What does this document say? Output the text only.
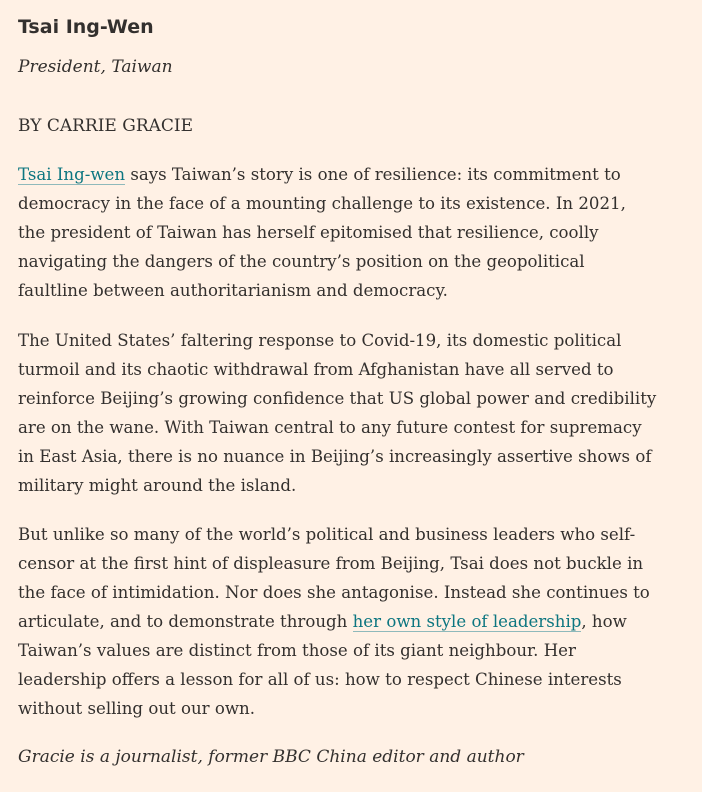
Tsai Ing-Wen

President, Taiwan

BY CARRIE GRACIE

Tsai Ing-wen says Taiwan’s story is one of resilience: its commitment to democracy in the face of a mounting challenge to its existence. In 2021, the president of Taiwan has herself epitomised that resilience, coolly navigating the dangers of the country’s position on the geopolitical faultline between authoritarianism and democracy.

The United States’ faltering response to Covid-19, its domestic political turmoil and its chaotic withdrawal from Afghanistan have all served to reinforce Beijing’s growing confidence that US global power and credibility are on the wane. With Taiwan central to any future contest for supremacy in East Asia, there is no nuance in Beijing’s increasingly assertive shows of military might around the island.

But unlike so many of the world’s political and business leaders who self-censor at the first hint of displeasure from Beijing, Tsai does not buckle in the face of intimidation. Nor does she antagonise. Instead she continues to articulate, and to demonstrate through her own style of leadership, how Taiwan’s values are distinct from those of its giant neighbour. Her leadership offers a lesson for all of us: how to respect Chinese interests without selling out our own.

Gracie is a journalist, former BBC China editor and author
